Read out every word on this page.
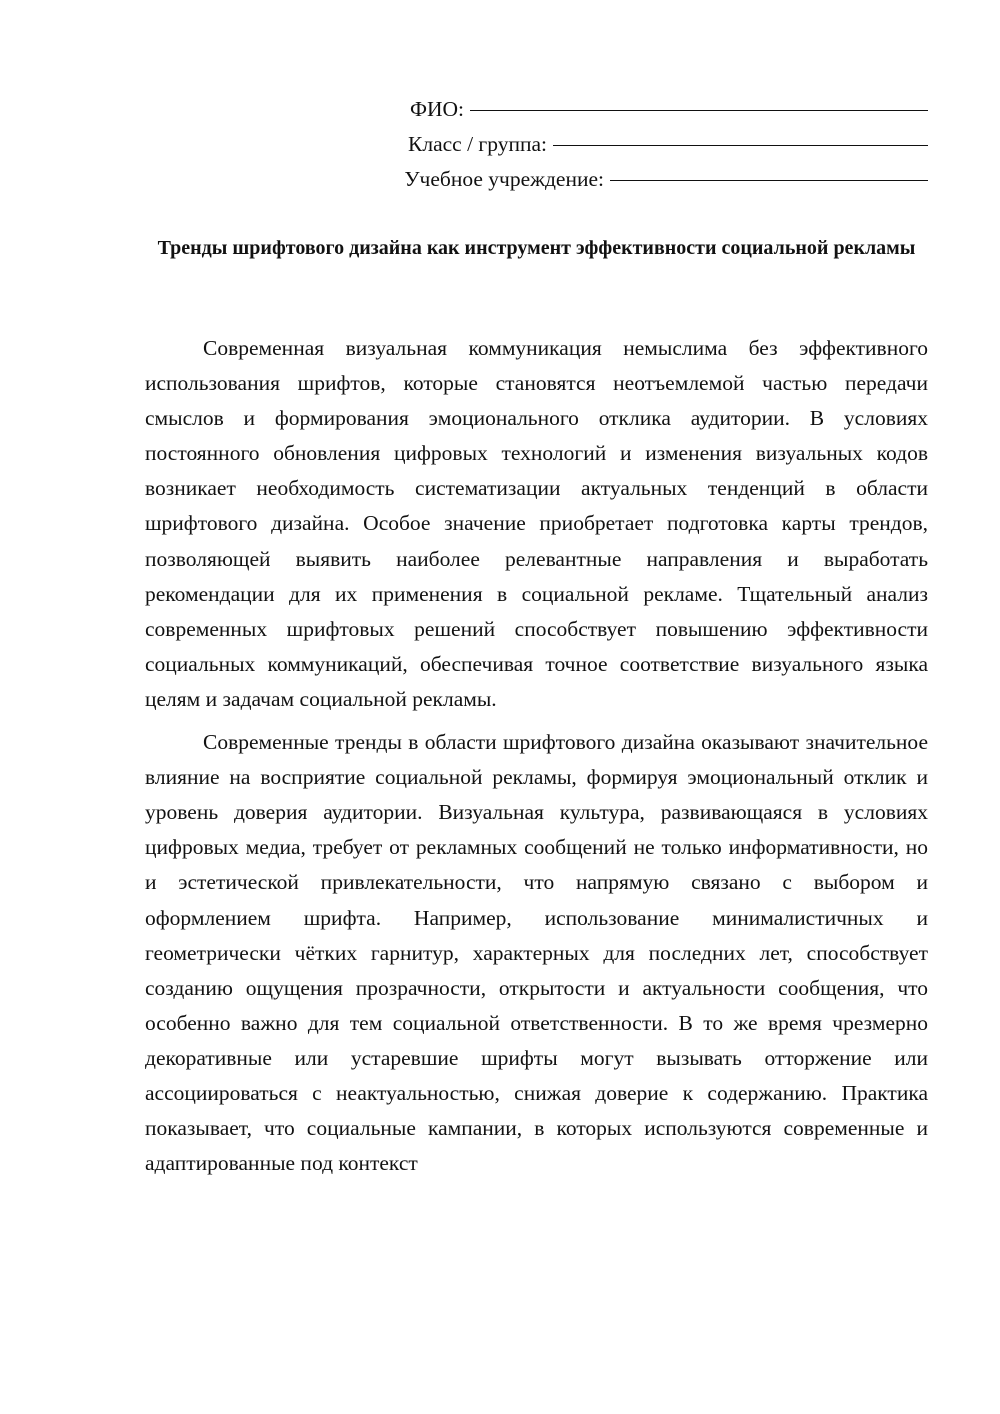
ФИО:
Класс / группа:
Учебное учреждение:
Тренды шрифтового дизайна как инструмент эффективности социальной рекламы

Современная визуальная коммуникация немыслима без эффективного использования шрифтов, которые становятся неотъемлемой частью передачи смыслов и формирования эмоционального отклика аудитории. В условиях постоянного обновления цифровых технологий и изменения визуальных кодов возникает необходимость систематизации актуальных тенденций в области шрифтового дизайна. Особое значение приобретает подготовка карты трендов, позволяющей выявить наиболее релевантные направления и выработать рекомендации для их применения в социальной рекламе. Тщательный анализ современных шрифтовых решений способствует повышению эффективности социальных коммуникаций, обеспечивая точное соответствие визуального языка целям и задачам социальной рекламы.

Современные тренды в области шрифтового дизайна оказывают значительное влияние на восприятие социальной рекламы, формируя эмоциональный отклик и уровень доверия аудитории. Визуальная культура, развивающаяся в условиях цифровых медиа, требует от рекламных сообщений не только информативности, но и эстетической привлекательности, что напрямую связано с выбором и оформлением шрифта. Например, использование минималистичных и геометрически чётких гарнитур, характерных для последних лет, способствует созданию ощущения прозрачности, открытости и актуальности сообщения, что особенно важно для тем социальной ответственности. В то же время чрезмерно декоративные или устаревшие шрифты могут вызывать отторжение или ассоциироваться с неактуальностью, снижая доверие к содержанию. Практика показывает, что социальные кампании, в которых используются современные и адаптированные под контекст
